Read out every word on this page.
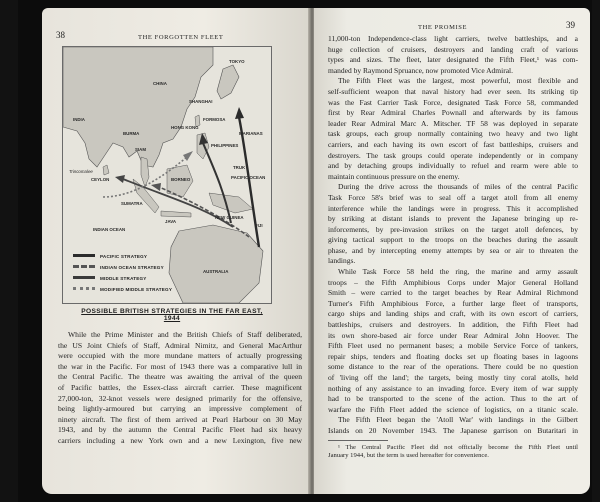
38	THE FORGOTTEN FLEET
CHINA
INDIA
BURMA
SIAM
TOKYO
SHANGHAI
HONG KONG
FORMOSA
PHILIPPINES
MARIANAS
TRUK
PACIFIC OCEAN
BORNEO
CEYLON
Trincomalee
SUMATRA
JAVA
NEW GUINEA
FIJI
INDIAN OCEAN
AUSTRALIA
PACIFIC STRATEGY
INDIAN OCEAN STRATEGY
MIDDLE STRATEGY
MODIFIED MIDDLE STRATEGY
POSSIBLE BRITISH STRATEGIES IN THE FAR EAST, 1944
While the Prime Minister and the British Chiefs of Staff deliberated,
the US Joint Chiefs of Staff, Admiral Nimitz, and General MacArthur
were occupied with the more mundane matters of actually progressing
the war in the Pacific. For most of 1943 there was a comparative lull in
the Central Pacific. The theatre was awaiting the arrival of the queen
of Pacific battles, the Essex-class aircraft carrier. These magnificent
27,000-ton, 32-knot vessels were designed primarily for the offensive,
being lightly-armoured but carrying an impressive complement of
ninety aircraft. The first of them arrived at Pearl Harbour on 30 May
1943, and by the autumn the Central Pacific Fleet had six heavy
carriers including a new York own and a new Lexington, five new
THE PROMISE	39
11,000-ton Independence-class light carriers, twelve battleships, and a
huge collection of cruisers, destroyers and landing craft of various
types and sizes. The fleet, later designated the Fifth Fleet,¹ was com-
manded by Raymond Spruance, now promoted Vice Admiral.
The Fifth Fleet was the largest, most powerful, most flexible and
self-sufficient weapon that naval history had ever seen. Its striking tip
was the Fast Carrier Task Force, designated Task Force 58, commanded
first by Rear Admiral Charles Pownall and afterwards by its famous
leader Rear Admiral Marc A. Mitscher. TF 58 was deployed in separate
task groups, each group normally containing two heavy and two light
carriers, and each having its own escort of fast battleships, cruisers and
destroyers. The task groups could operate independently or in company
and by detaching groups individually to refuel and rearm were able to
maintain continuous pressure on the enemy.
During the drive across the thousands of miles of the central Pacific
Task Force 58's brief was to seal off a target atoll from all enemy
interference while the landings were in progress. This it accomplished
by striking at distant islands to prevent the Japanese bringing up re-
inforcements, by pre-invasion strikes on the target atoll defences, by
giving tactical support to the troops on the beaches during the assault
phase, and by intercepting enemy attempts by sea or air to threaten the
landings.
While Task Force 58 held the ring, the marine and army assault
troops – the Fifth Amphibious Corps under Major General Holland
Smith – were carried to the target beaches by Rear Admiral Richmond
Turner's Fifth Amphibious Force, a further large fleet of transports,
cargo ships and landing ships and craft, with its own escort of carriers,
battleships, cruisers and destroyers. In addition, the Fifth Fleet had
its own shore-based air force under Rear Admiral John Hoover. The
Fifth Fleet used no permanent bases; a mobile Service Force of tankers,
repair ships, tenders and floating docks set up floating bases in lagoons
some distance to the rear of the operations. There could be no question
of 'living off the land'; the targets, being mostly tiny coral atolls, held
nothing of any assistance to an invading force. Every item of war supply
had to be transported to the scene of the action. Thus to the art of
warfare the Fifth Fleet added the science of logistics, on a titanic scale.
The Fifth Fleet began the 'Atoll War' with landings in the Gilbert
Islands on 20 November 1943. The Japanese garrison on Butaritari in
¹ The Central Pacific Fleet did not officially become the Fifth Fleet until
January 1944, but the term is used hereafter for convenience.
